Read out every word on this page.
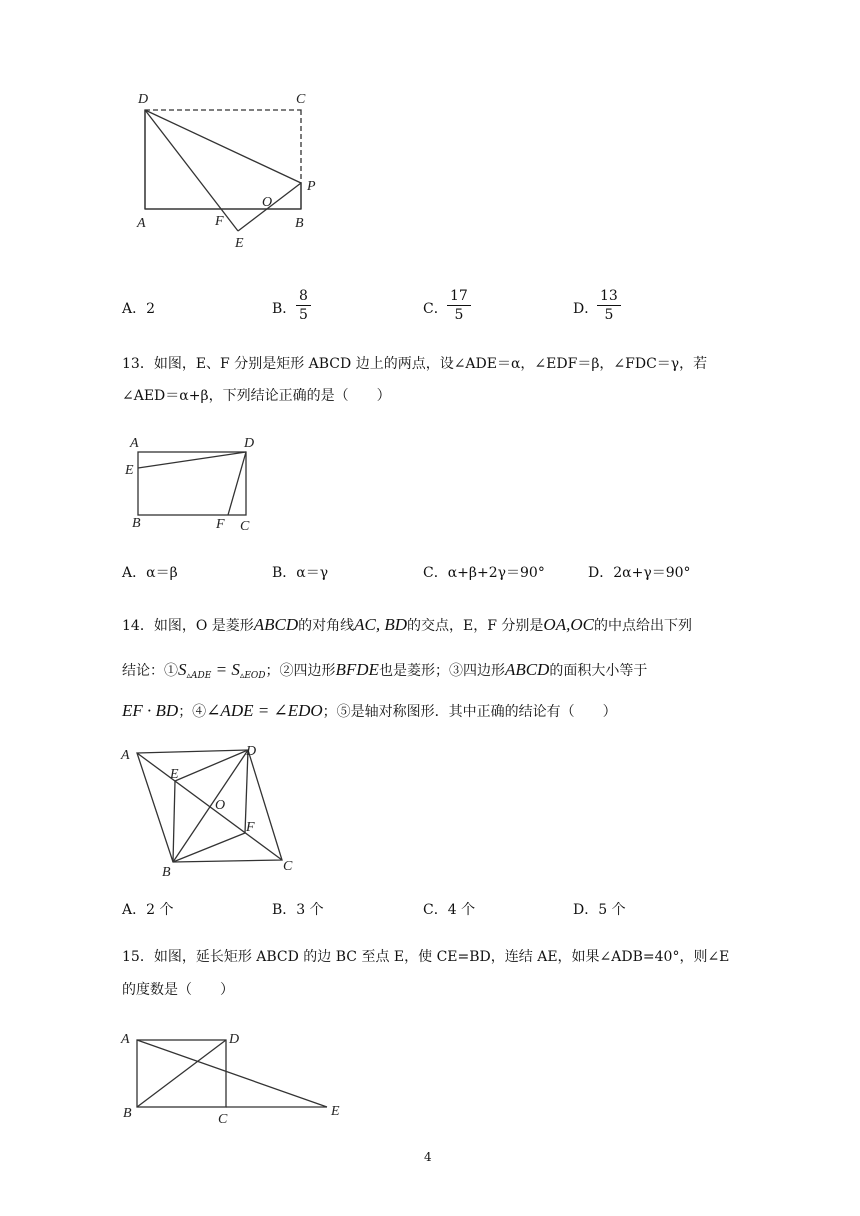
D	C
P
O
A	F	B
E
A．2	B．
8
5	C．
17
5	D．
13
5
13．如图，E、F 分别是矩形 ABCD 边上的两点，设∠ADE＝α，∠EDF＝β，∠FDC＝γ，若
∠AED＝α+β，下列结论正确的是（　　）
A	D
E
B	F C
A．α＝β	B．α＝γ	C．α+β+2γ＝90°	D．2α+γ＝90°
14．如图，O 是菱形ABCD的对角线AC, BD的交点，E，F 分别是OA,OC的中点给出下列
结论：$①S_{▵ADE} = S_{▵EOD}$；②四边形BFDE也是菱形；③四边形ABCD的面积大小等于
EF · BD；④∠ADE = ∠EDO；⑤是轴对称图形．其中正确的结论有（　　）
A	D
E
O
F
B	C
A．2 个	B．3 个	C．4 个	D．5 个
15．如图，延长矩形 ABCD 的边 BC 至点 E，使 CE=BD，连结 AE，如果∠ADB=40°，则∠E
的度数是（　　）
A	D
B	C
E
4
